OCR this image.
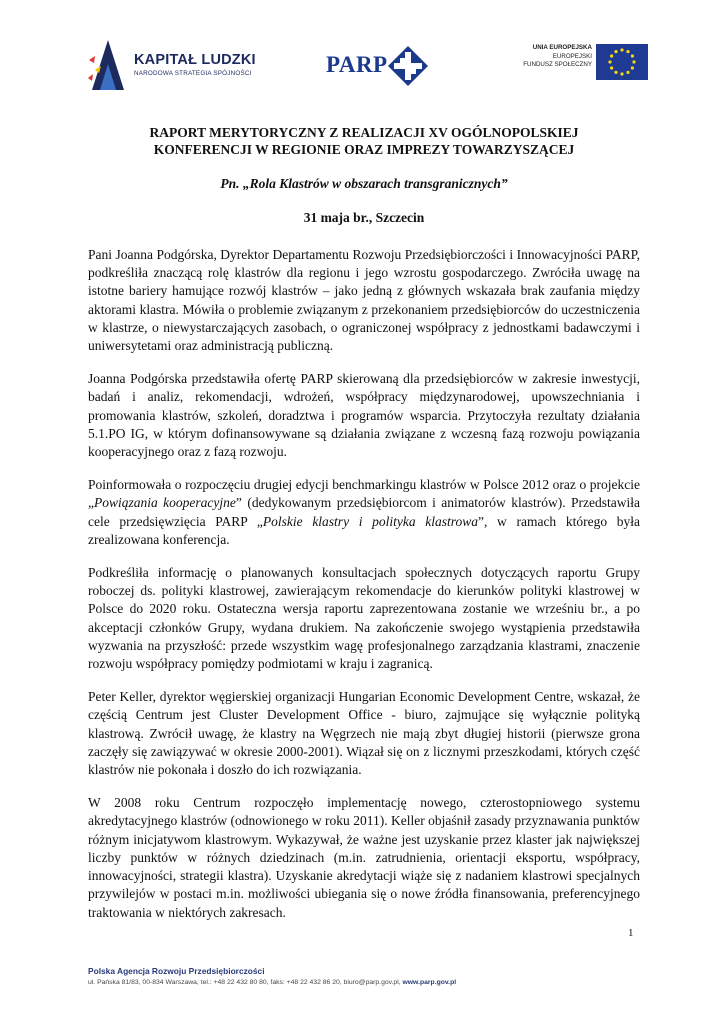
KAPITAŁ LUDZKI
NARODOWA STRATEGIA SPÓJNOŚCI	PARP
UNIA EUROPEJSKA
EUROPEJSKI
FUNDUSZ SPOŁECZNY

RAPORT MERYTORYCZNY Z REALIZACJI XV OGÓLNOPOLSKIEJ
KONFERENCJI W REGIONIE ORAZ IMPREZY TOWARZYSZĄCEJ

Pn. „Rola Klastrów w obszarach transgranicznych”

31 maja br., Szczecin

Pani Joanna Podgórska, Dyrektor Departamentu Rozwoju Przedsiębiorczości i Innowacyjności PARP, podkreśliła znaczącą rolę klastrów dla regionu i jego wzrostu gospodarczego. Zwróciła uwagę na istotne bariery hamujące rozwój klastrów – jako jedną z głównych wskazała brak zaufania między aktorami klastra. Mówiła o problemie związanym z przekonaniem przedsiębiorców do uczestniczenia w klastrze, o niewystarczających zasobach, o ograniczonej współpracy z jednostkami badawczymi i uniwersytetami oraz administracją publiczną.

Joanna Podgórska przedstawiła ofertę PARP skierowaną dla przedsiębiorców w zakresie inwestycji, badań i analiz, rekomendacji, wdrożeń, współpracy międzynarodowej, upowszechniania i promowania klastrów, szkoleń, doradztwa i programów wsparcia. Przytoczyła rezultaty działania 5.1.PO IG, w którym dofinansowywane są działania związane z wczesną fazą rozwoju powiązania kooperacyjnego oraz z fazą rozwoju.

Poinformowała o rozpoczęciu drugiej edycji benchmarkingu klastrów w Polsce 2012 oraz o projekcie „Powiązania kooperacyjne” (dedykowanym przedsiębiorcom i animatorów klastrów). Przedstawiła cele przedsięwzięcia PARP „Polskie klastry i polityka klastrowa”, w ramach którego była zrealizowana konferencja.

Podkreśliła informację o planowanych konsultacjach społecznych dotyczących raportu Grupy roboczej ds. polityki klastrowej, zawierającym rekomendacje do kierunków polityki klastrowej w Polsce do 2020 roku. Ostateczna wersja raportu zaprezentowana zostanie we wrześniu br., a po akceptacji członków Grupy, wydana drukiem. Na zakończenie swojego wystąpienia przedstawiła wyzwania na przyszłość: przede wszystkim wagę profesjonalnego zarządzania klastrami, znaczenie rozwoju współpracy pomiędzy podmiotami w kraju i zagranicą.

Peter Keller, dyrektor węgierskiej organizacji Hungarian Economic Development Centre, wskazał, że częścią Centrum jest Cluster Development Office - biuro, zajmujące się wyłącznie polityką klastrową. Zwrócił uwagę, że klastry na Węgrzech nie mają zbyt długiej historii (pierwsze grona zaczęły się zawiązywać w okresie 2000-2001). Wiązał się on z licznymi przeszkodami, których część klastrów nie pokonała i doszło do ich rozwiązania.

W 2008 roku Centrum rozpoczęło implementację nowego, czterostopniowego systemu akredytacyjnego klastrów (odnowionego w roku 2011). Keller objaśnił zasady przyznawania punktów różnym inicjatywom klastrowym. Wykazywał, że ważne jest uzyskanie przez klaster jak największej liczby punktów w różnych dziedzinach (m.in. zatrudnienia, orientacji eksportu, współpracy, innowacyjności, strategii klastra). Uzyskanie akredytacji wiąże się z nadaniem klastrowi specjalnych przywilejów w postaci m.in. możliwości ubiegania się o nowe źródła finansowania, preferencyjnego traktowania w niektórych zakresach.

1
Polska Agencja Rozwoju Przedsiębiorczości
ul. Pańska 81/83, 00-834 Warszawa, tel.: +48 22 432 80 80, faks: +48 22 432 86 20, biuro@parp.gov.pl, www.parp.gov.pl
